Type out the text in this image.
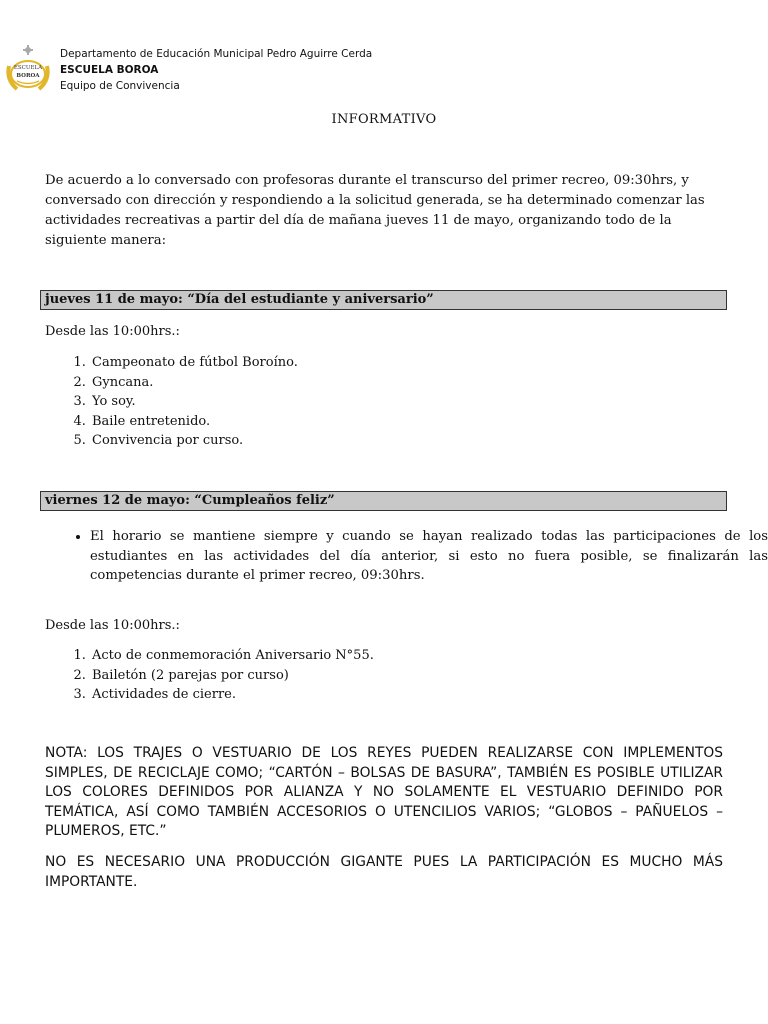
ESCUELA
BOROA
Departamento de Educación Municipal Pedro Aguirre Cerda
ESCUELA BOROA
Equipo de Convivencia
INFORMATIVO
De acuerdo a lo conversado con profesoras durante el transcurso del primer recreo, 09:30hrs, y conversado con dirección y respondiendo a la solicitud generada, se ha determinado comenzar las actividades recreativas a partir del día de mañana jueves 11 de mayo, organizando todo de la siguiente manera:
jueves 11 de mayo: “Día del estudiante y aniversario”
Desde las 10:00hrs.:
1. Campeonato de fútbol Boroíno.
2. Gyncana.
3. Yo soy.
4. Baile entretenido.
5. Convivencia por curso.
viernes 12 de mayo: “Cumpleaños feliz”
• El horario se mantiene siempre y cuando se hayan realizado todas las participaciones de los estudiantes en las actividades del día anterior, si esto no fuera posible, se finalizarán las competencias durante el primer recreo, 09:30hrs.
Desde las 10:00hrs.:
1. Acto de conmemoración Aniversario N°55.
2. Bailetón (2 parejas por curso)
3. Actividades de cierre.
NOTA: LOS TRAJES O VESTUARIO DE LOS REYES PUEDEN REALIZARSE CON IMPLEMENTOS SIMPLES, DE RECICLAJE COMO; “CARTÓN – BOLSAS DE BASURA”, TAMBIÉN ES POSIBLE UTILIZAR LOS COLORES DEFINIDOS POR ALIANZA Y NO SOLAMENTE EL VESTUARIO DEFINIDO POR TEMÁTICA, ASÍ COMO TAMBIÉN ACCESORIOS O UTENCILIOS VARIOS; “GLOBOS – PAÑUELOS – PLUMEROS, ETC.”
NO ES NECESARIO UNA PRODUCCIÓN GIGANTE PUES LA PARTICIPACIÓN ES MUCHO MÁS IMPORTANTE.
